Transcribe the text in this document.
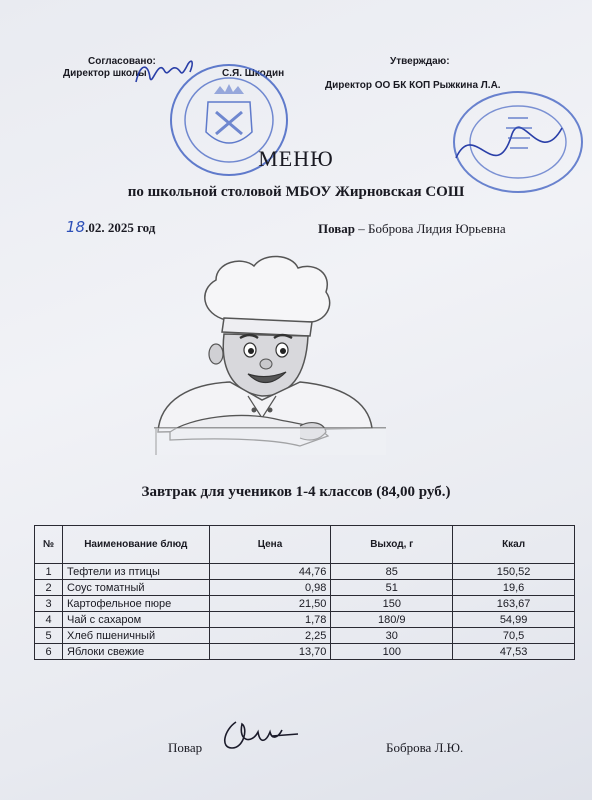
Согласовано:
Директор школы	С.Я. Шкодин
Утверждаю:
Директор ОО БК КОП Рыжкина Л.А.
МЕНЮ
по школьной столовой МБОУ Жирновская СОШ
18.02. 2025 год	Повар – Боброва Лидия Юрьевна
Завтрак для учеников 1-4 классов (84,00 руб.)
№	Наименование блюд	Цена	Выход, г	Ккал
1	Тефтели из птицы	44,76	85	150,52
2	Соус томатный	0,98	51	19,6
3	Картофельное пюре	21,50	150	163,67
4	Чай с сахаром	1,78	180/9	54,99
5	Хлеб пшеничный	2,25	30	70,5
6	Яблоки свежие	13,70	100	47,53
Повар	Боброва Л.Ю.
